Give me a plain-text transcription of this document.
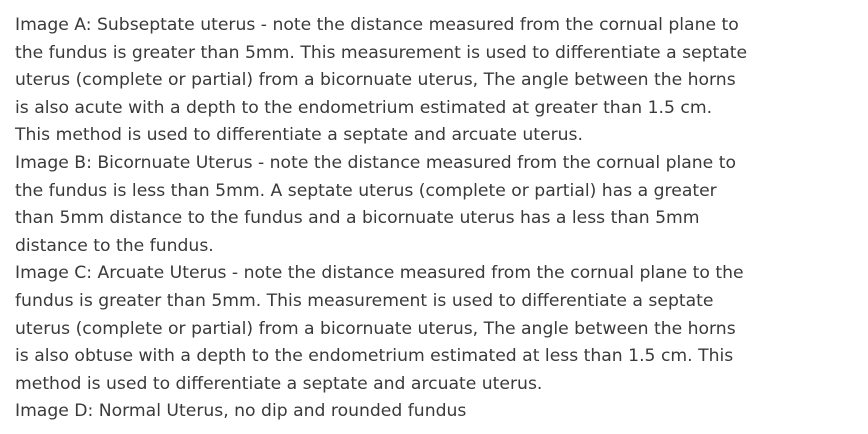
Image A: Subseptate uterus - note the distance measured from the cornual plane to
the fundus is greater than 5mm. This measurement is used to differentiate a septate
uterus (complete or partial) from a bicornuate uterus, The angle between the horns
is also acute with a depth to the endometrium estimated at greater than 1.5 cm.
This method is used to differentiate a septate and arcuate uterus.

Image B: Bicornuate Uterus - note the distance measured from the cornual plane to
the fundus is less than 5mm. A septate uterus (complete or partial) has a greater
than 5mm distance to the fundus and a bicornuate uterus has a less than 5mm
distance to the fundus.

Image C: Arcuate Uterus - note the distance measured from the cornual plane to the
fundus is greater than 5mm. This measurement is used to differentiate a septate
uterus (complete or partial) from a bicornuate uterus, The angle between the horns
is also obtuse with a depth to the endometrium estimated at less than 1.5 cm. This
method is used to differentiate a septate and arcuate uterus.

Image D: Normal Uterus, no dip and rounded fundus
